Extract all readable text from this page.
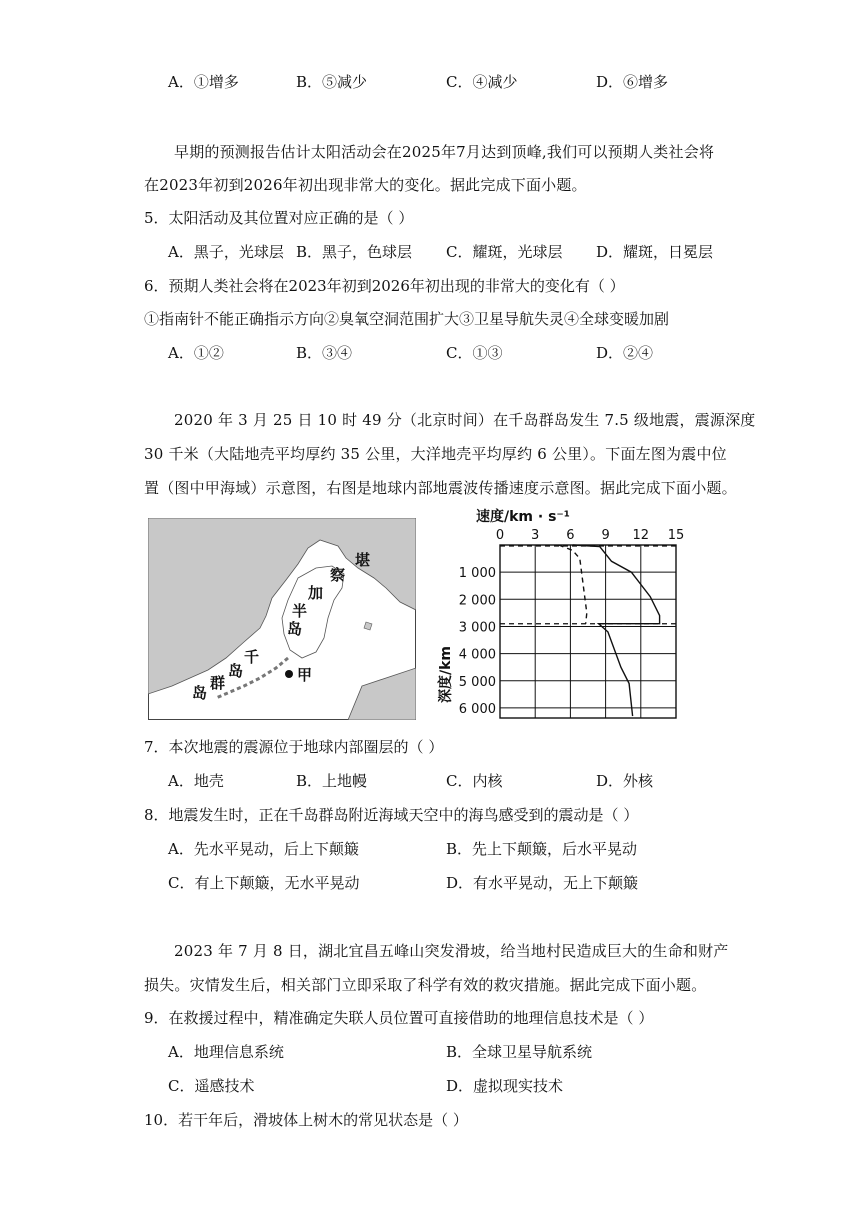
A．①增多	B．⑤减少	C．④减少	D．⑥增多
早期的预测报告估计太阳活动会在2025年7月达到顶峰,我们可以预期人类社会将
在2023年初到2026年初出现非常大的变化。据此完成下面小题。
5．太阳活动及其位置对应正确的是（ ）
A．黑子，光球层 B．黑子，色球层 C．耀斑，光球层 D．耀斑，日冕层
6．预期人类社会将在2023年初到2026年初出现的非常大的变化有（ ）
①指南针不能正确指示方向②臭氧空洞范围扩大③卫星导航失灵④全球变暖加剧
A．①②	B．③④	C．①③	D．②④
2020 年 3 月 25 日 10 时 49 分（北京时间）在千岛群岛发生 7.5 级地震，震源深度
30 千米（大陆地壳平均厚约 35 公里，大洋地壳平均厚约 6 公里）。下面左图为震中位
置（图中甲海域）示意图，右图是地球内部地震波传播速度示意图。据此完成下面小题。
堪
察
加
半
岛
千
岛
群
岛
甲
速度/km · s⁻¹
0 3 6 9 12 15
1 000
2 000
3 000
4 000
5 000
6 000
深度/km
7．本次地震的震源位于地球内部圈层的（ ）
A．地壳	B．上地幔	C．内核	D．外核
8．地震发生时，正在千岛群岛附近海域天空中的海鸟感受到的震动是（ ）
A．先水平晃动，后上下颠簸	B．先上下颠簸，后水平晃动
C．有上下颠簸，无水平晃动	D．有水平晃动，无上下颠簸
2023 年 7 月 8 日，湖北宜昌五峰山突发滑坡，给当地村民造成巨大的生命和财产
损失。灾情发生后，相关部门立即采取了科学有效的救灾措施。据此完成下面小题。
9．在救援过程中，精准确定失联人员位置可直接借助的地理信息技术是（ ）
A．地理信息系统	B．全球卫星导航系统
C．遥感技术	D．虚拟现实技术
10．若干年后，滑坡体上树木的常见状态是（ ）
